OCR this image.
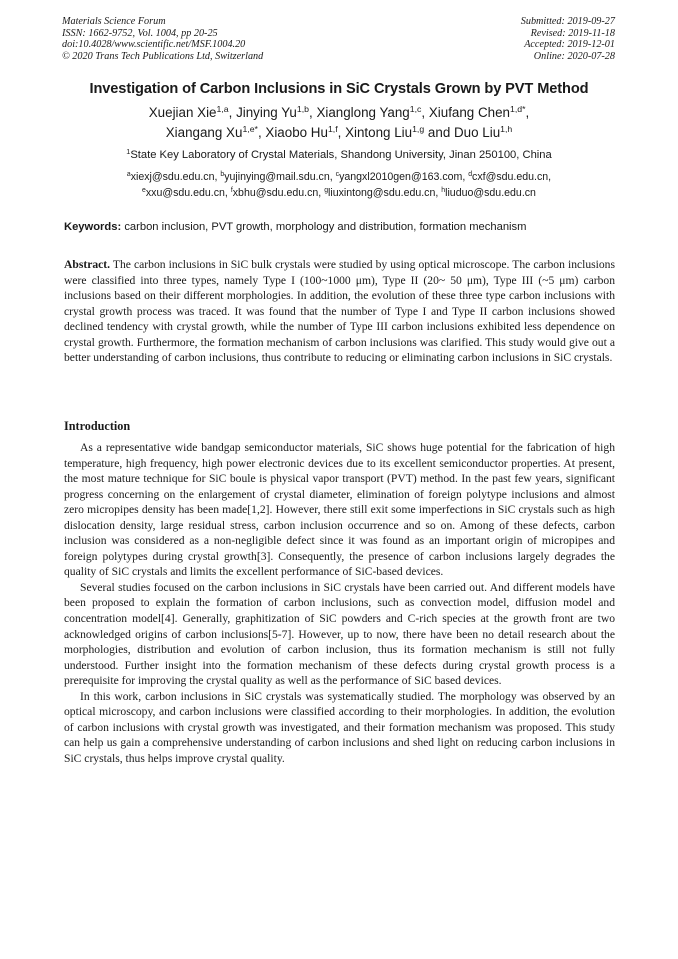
Materials Science Forum
ISSN: 1662-9752, Vol. 1004, pp 20-25
doi:10.4028/www.scientific.net/MSF.1004.20
© 2020 Trans Tech Publications Ltd, Switzerland
Submitted: 2019-09-27
Revised: 2019-11-18
Accepted: 2019-12-01
Online: 2020-07-28
Investigation of Carbon Inclusions in SiC Crystals Grown by PVT Method
Xuejian Xie$^{1,a}$, Jinying Yu$^{1,b}$, Xianglong Yang$^{1,c}$, Xiufang Chen$^{1,d*}$,
Xiangang $Xu^{1,e*}$, Xiaobo Hu$^{1,f}$, Xintong Liu$^{1,g}$ and Duo Liu$^{1,h}$
$^1$State Key Laboratory of Crystal Materials, Shandong University, Jinan 250100, China
$^a$xiexj@sdu.edu.cn, $^b$yujinying@mail.sdu.cn, $^c$yangxl2010gen@163.com, $^d$cxf@sdu.edu.cn,
$^e$xxu@sdu.edu.cn, $^f$xbhu@sdu.edu.cn, $^g$liuxintong@sdu.edu.cn, $^h$liuduo@sdu.edu.cn
Keywords: carbon inclusion, PVT growth, morphology and distribution, formation mechanism

Abstract. The carbon inclusions in SiC bulk crystals were studied by using optical microscope. The carbon inclusions were classified into three types, namely Type I (100~1000 μm), Type II (20~ 50 μm), Type III (~5 μm) carbon inclusions based on their different morphologies. In addition, the evolution of these three type carbon inclusions with crystal growth process was traced. It was found that the number of Type I and Type II carbon inclusions showed declined tendency with crystal growth, while the number of Type III carbon inclusions exhibited less dependence on crystal growth. Furthermore, the formation mechanism of carbon inclusions was clarified. This study would give out a better understanding of carbon inclusions, thus contribute to reducing or eliminating carbon inclusions in SiC crystals.

Introduction

As a representative wide bandgap semiconductor materials, SiC shows huge potential for the fabrication of high temperature, high frequency, high power electronic devices due to its excellent semiconductor properties. At present, the most mature technique for SiC boule is physical vapor transport (PVT) method. In the past few years, significant progress concerning on the enlargement of crystal diameter, elimination of foreign polytype inclusions and almost zero micropipes density has been made[1,2]. However, there still exit some imperfections in SiC crystals such as high dislocation density, large residual stress, carbon inclusion occurrence and so on. Among of these defects, carbon inclusion was considered as a non-negligible defect since it was found as an important origin of micropipes and foreign polytypes during crystal growth[3]. Consequently, the presence of carbon inclusions largely degrades the quality of SiC crystals and limits the excellent performance of SiC-based devices.

Several studies focused on the carbon inclusions in SiC crystals have been carried out. And different models have been proposed to explain the formation of carbon inclusions, such as convection model, diffusion model and concentration model[4]. Generally, graphitization of SiC powders and C-rich species at the growth front are two acknowledged origins of carbon inclusions[5-7]. However, up to now, there have been no detail research about the morphologies, distribution and evolution of carbon inclusion, thus its formation mechanism is still not fully understood. Further insight into the formation mechanism of these defects during crystal growth process is a prerequisite for improving the crystal quality as well as the performance of SiC based devices.

In this work, carbon inclusions in SiC crystals was systematically studied. The morphology was observed by an optical microscopy, and carbon inclusions were classified according to their morphologies. In addition, the evolution of carbon inclusions with crystal growth was investigated, and their formation mechanism was proposed. This study can help us gain a comprehensive understanding of carbon inclusions and shed light on reducing carbon inclusions in SiC crystals, thus helps improve crystal quality.
